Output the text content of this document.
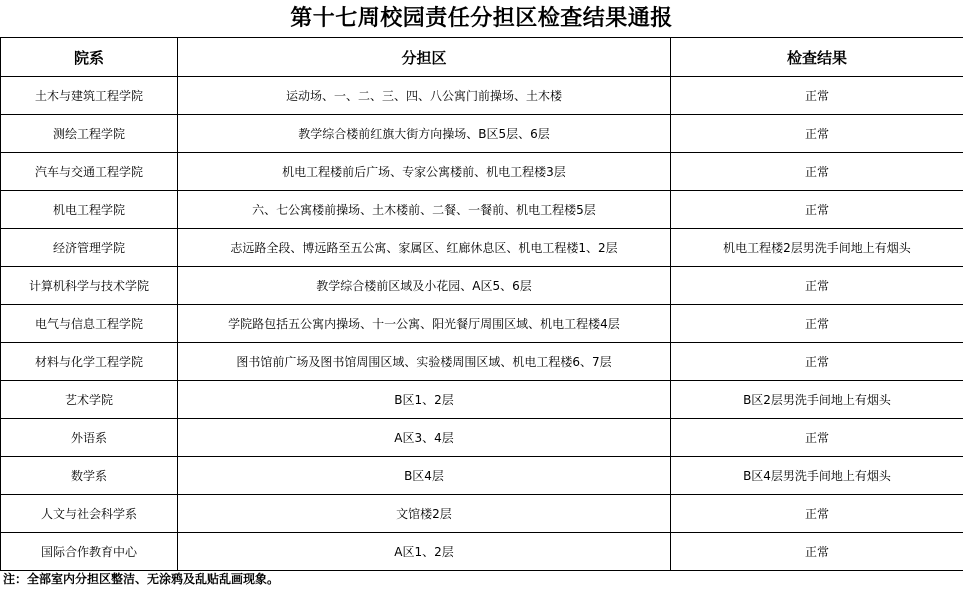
第十七周校园责任分担区检查结果通报
院系	分担区	检查结果
土木与建筑工程学院	运动场、一、二、三、四、八公寓门前操场、土木楼	正常
测绘工程学院	教学综合楼前红旗大街方向操场、B区5层、6层	正常
汽车与交通工程学院	机电工程楼前后广场、专家公寓楼前、机电工程楼3层	正常
机电工程学院	六、七公寓楼前操场、土木楼前、二餐、一餐前、机电工程楼5层	正常
经济管理学院	志远路全段、博远路至五公寓、家属区、红廊休息区、机电工程楼1、2层	机电工程楼2层男洗手间地上有烟头
计算机科学与技术学院	教学综合楼前区域及小花园、A区5、6层	正常
电气与信息工程学院	学院路包括五公寓内操场、十一公寓、阳光餐厅周围区域、机电工程楼4层	正常
材料与化学工程学院	图书馆前广场及图书馆周围区域、实验楼周围区域、机电工程楼6、7层	正常
艺术学院	B区1、2层	B区2层男洗手间地上有烟头
外语系	A区3、4层	正常
数学系	B区4层	B区4层男洗手间地上有烟头
人文与社会科学系	文馆楼2层	正常
国际合作教育中心	A区1、2层	正常
注：全部室内分担区整洁、无涂鸦及乱贴乱画现象。
